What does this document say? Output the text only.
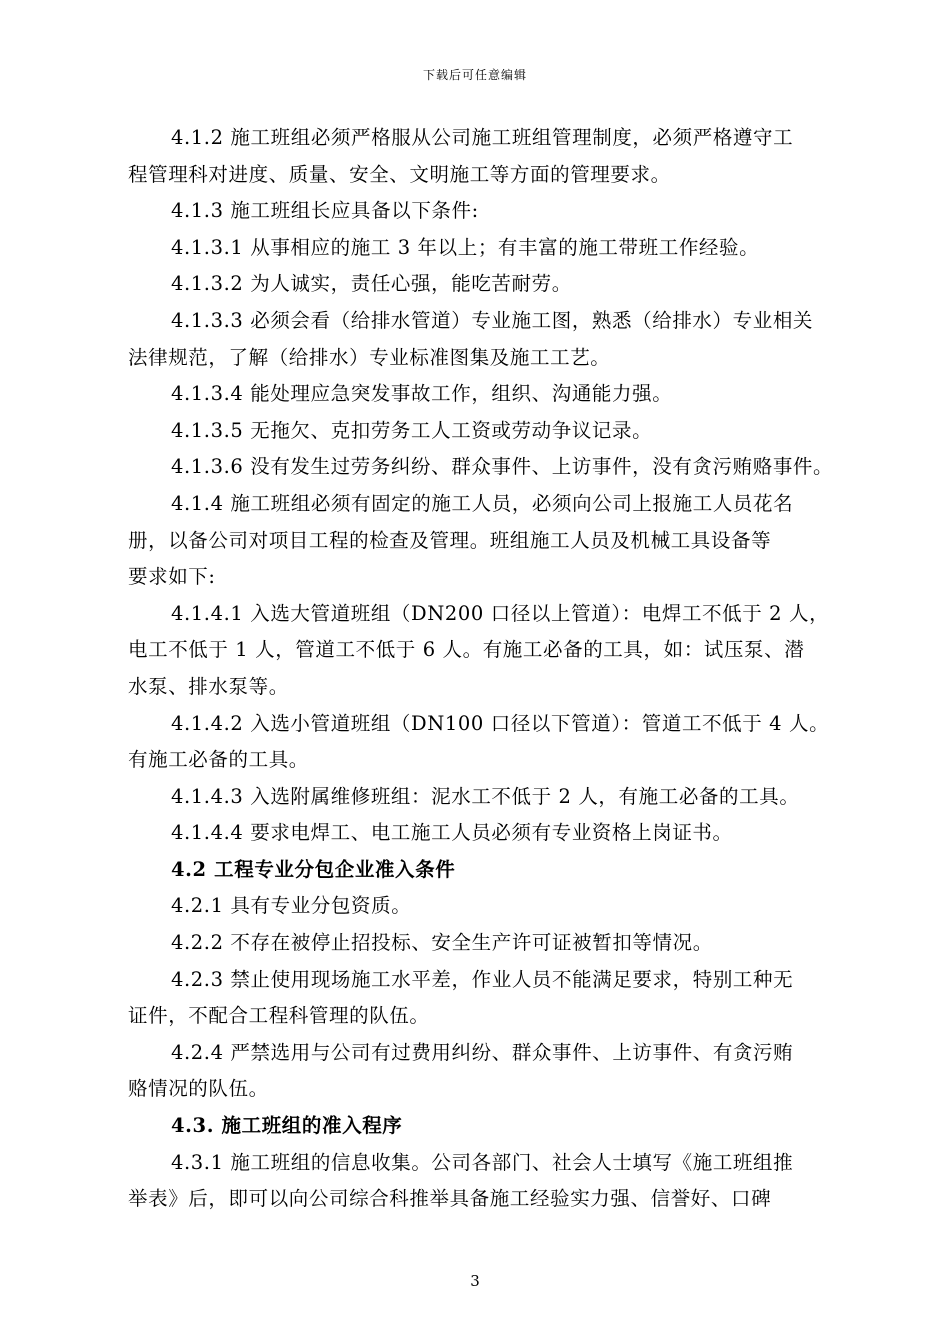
下载后可任意编辑

4.1.2 施工班组必须严格服从公司施工班组管理制度，必须严格遵守工
程管理科对进度、质量、安全、文明施工等方面的管理要求。

4.1.3 施工班组长应具备以下条件:

4.1.3.1 从事相应的施工 3 年以上；有丰富的施工带班工作经验。

4.1.3.2 为人诚实，责任心强，能吃苦耐劳。

4.1.3.3 必须会看（给排水管道）专业施工图，熟悉（给排水）专业相关
法律规范，了解（给排水）专业标准图集及施工工艺。

4.1.3.4 能处理应急突发事故工作，组织、沟通能力强。

4.1.3.5 无拖欠、克扣劳务工人工资或劳动争议记录。

4.1.3.6 没有发生过劳务纠纷、群众事件、上访事件，没有贪污贿赂事件。

4.1.4 施工班组必须有固定的施工人员，必须向公司上报施工人员花名
册，以备公司对项目工程的检查及管理。班组施工人员及机械工具设备等
要求如下:

4.1.4.1 入选大管道班组（DN200 口径以上管道）：电焊工不低于 2 人，
电工不低于 1 人，管道工不低于 6 人。有施工必备的工具，如：试压泵、潜
水泵、排水泵等。

4.1.4.2 入选小管道班组（DN100 口径以下管道）：管道工不低于 4 人。
有施工必备的工具。

4.1.4.3 入选附属维修班组：泥水工不低于 2 人，有施工必备的工具。

4.1.4.4 要求电焊工、电工施工人员必须有专业资格上岗证书。

4.2 工程专业分包企业准入条件

4.2.1 具有专业分包资质。

4.2.2 不存在被停止招投标、安全生产许可证被暂扣等情况。

4.2.3 禁止使用现场施工水平差，作业人员不能满足要求，特别工种无
证件，不配合工程科管理的队伍。

4.2.4 严禁选用与公司有过费用纠纷、群众事件、上访事件、有贪污贿
赂情况的队伍。

4.3. 施工班组的准入程序

4.3.1 施工班组的信息收集。公司各部门、社会人士填写《施工班组推
举表》后，即可以向公司综合科推举具备施工经验实力强、信誉好、口碑

3
